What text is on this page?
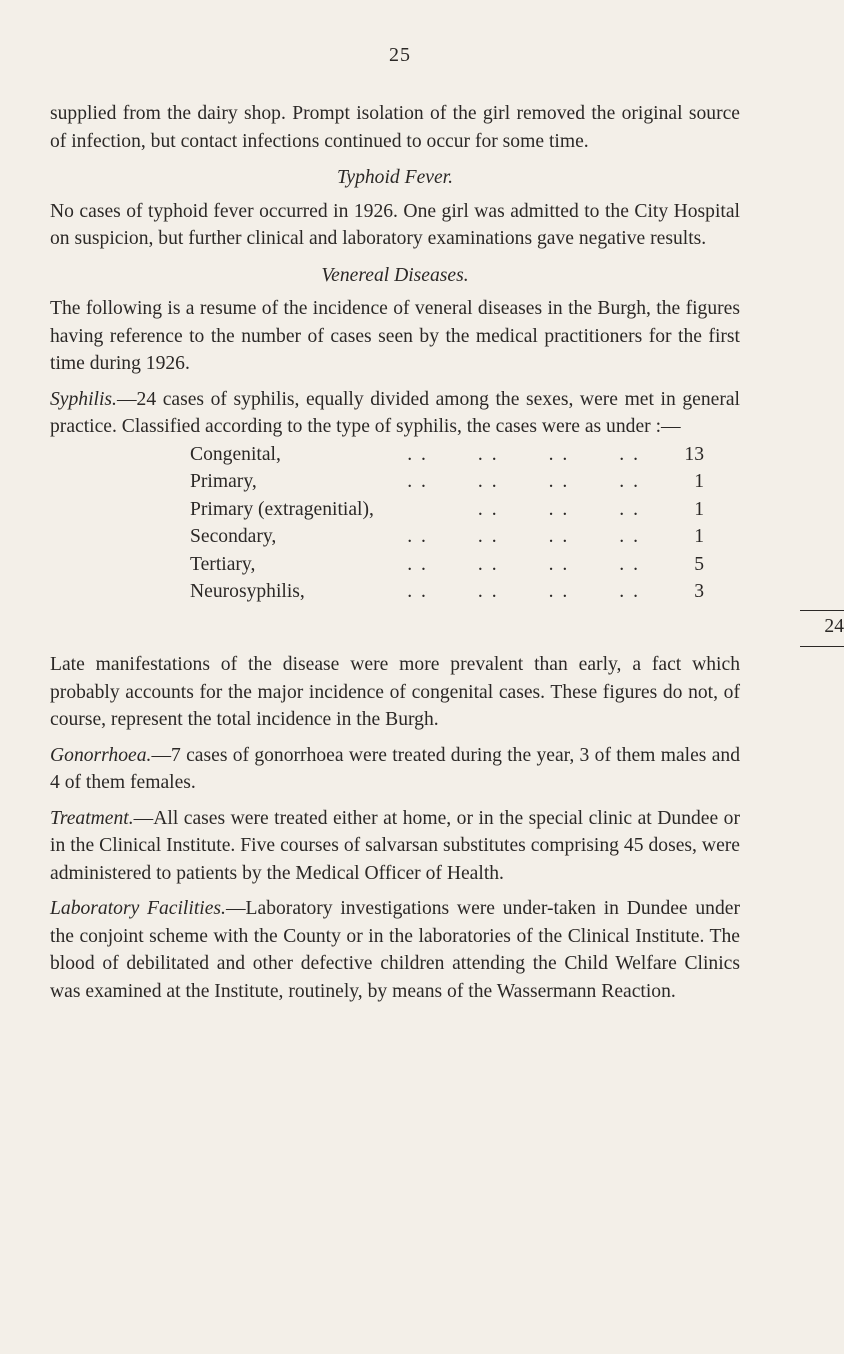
25

supplied from the dairy shop. Prompt isolation of the girl removed the original source of infection, but contact infections continued to occur for some time.

Typhoid Fever.

No cases of typhoid fever occurred in 1926. One girl was admitted to the City Hospital on suspicion, but further clinical and laboratory examinations gave negative results.

Venereal Diseases.

The following is a resume of the incidence of veneral diseases in the Burgh, the figures having reference to the number of cases seen by the medical practitioners for the first time during 1926.

Syphilis.—24 cases of syphilis, equally divided among the sexes, were met in general practice. Classified according to the type of syphilis, the cases were as under :—

Congenital,	. .	. .	. .	. . 13
Primary,	. .	. .	. .	. .	1
Primary (extragenitial),	. .	. .	. .	1
Secondary,	. .	. .	. .	. .	1
Tertiary,	. .	. .	. .	. .	5
Neurosyphilis,	. .	. .	. .	. .	3
24

Late manifestations of the disease were more prevalent than early, a fact which probably accounts for the major incidence of congenital cases. These figures do not, of course, represent the total incidence in the Burgh.

Gonorrhoea.—7 cases of gonorrhoea were treated during the year, 3 of them males and 4 of them females.

Treatment.—All cases were treated either at home, or in the special clinic at Dundee or in the Clinical Institute. Five courses of salvarsan substitutes comprising 45 doses, were administered to patients by the Medical Officer of Health.

Laboratory Facilities.—Laboratory investigations were under-taken in Dundee under the conjoint scheme with the County or in the laboratories of the Clinical Institute. The blood of debilitated and other defective children attending the Child Welfare Clinics was examined at the Institute, routinely, by means of the Wassermann Reaction.
